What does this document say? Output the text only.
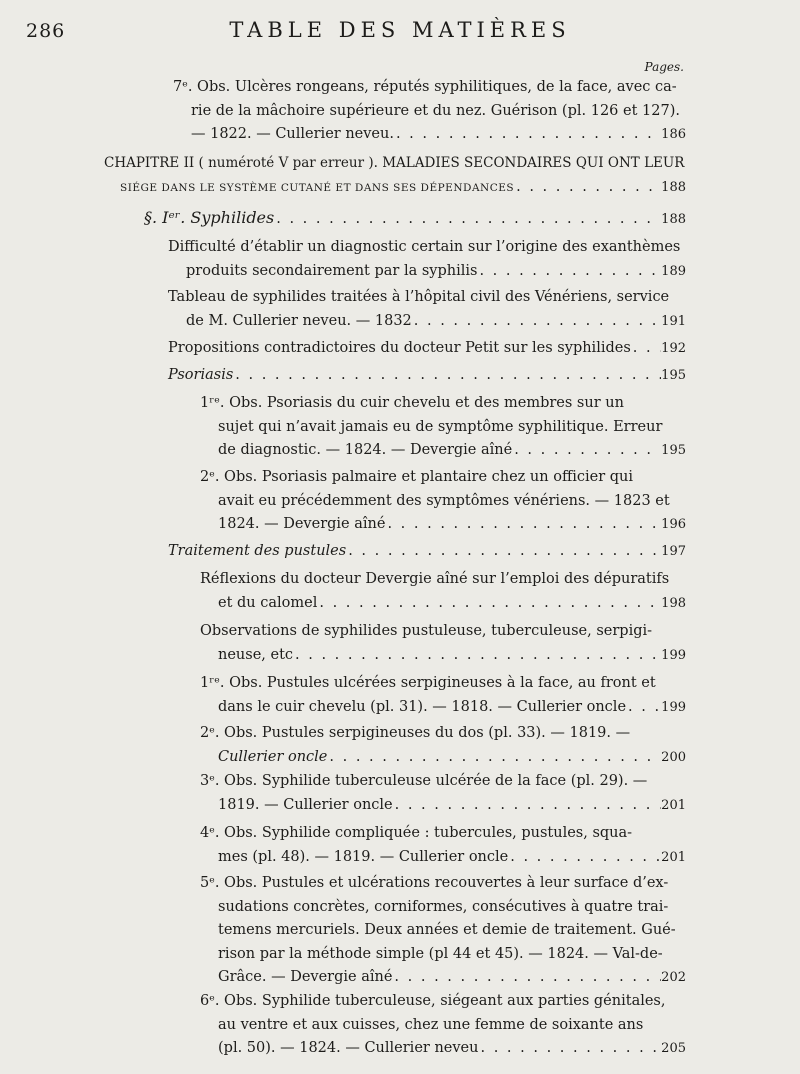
286	TABLE DES MATIÈRES
Pages.
7ᵉ. Obs. Ulcères rongeans, réputés syphilitiques, de la face, avec ca-
rie de la mâchoire supérieure et du nez. Guérison (pl. 126 et 127).
— 1822. — Cullerier neveu. . . .	186
CHAPITRE II ( numéroté V par erreur ). MALADIES SECONDAIRES QUI ONT LEUR
SIÉGE DANS LE SYSTÈME CUTANÉ ET DANS SES DÉPENDANCES . . .	188
§. Iᵉʳ. Syphilides . . .	188
Difficulté d’établir un diagnostic certain sur l’origine des exanthèmes
produits secondairement par la syphilis . . .	189
Tableau de syphilides traitées à l’hôpital civil des Vénériens, service
de M. Cullerier neveu. — 1832 . . .	191
Propositions contradictoires du docteur Petit sur les syphilides . . . 192
Psoriasis . . .	195
1ʳᵉ. Obs. Psoriasis du cuir chevelu et des membres sur un
sujet qui n’avait jamais eu de symptôme syphilitique. Erreur
de diagnostic. — 1824. — Devergie aîné . . .	195
2ᵉ. Obs. Psoriasis palmaire et plantaire chez un officier qui
avait eu précédemment des symptômes vénériens. — 1823 et
1824. — Devergie aîné . . .	196
Traitement des pustules . . .	197
Réflexions du docteur Devergie aîné sur l’emploi des dépuratifs
et du calomel . . .	198
Observations de syphilides pustuleuse, tuberculeuse, serpigi-
neuse, etc . . .	199
1ʳᵉ. Obs. Pustules ulcérées serpigineuses à la face, au front et
dans le cuir chevelu (pl. 31). — 1818. — Cullerier oncle . . .	199
2ᵉ. Obs. Pustules serpigineuses du dos (pl. 33). — 1819. —
Cullerier oncle . . .	200
3ᵉ. Obs. Syphilide tuberculeuse ulcérée de la face (pl. 29). —
1819. — Cullerier oncle . . .	201
4ᵉ. Obs. Syphilide compliquée : tubercules, pustules, squa-
mes (pl. 48). — 1819. — Cullerier oncle . . .	201
5ᵉ. Obs. Pustules et ulcérations recouvertes à leur surface d’ex-
sudations concrètes, corniformes, consécutives à quatre trai-
temens mercuriels. Deux années et demie de traitement. Gué-
rison par la méthode simple (pl 44 et 45). — 1824. — Val-de-
Grâce. — Devergie aîné . . .	202
6ᵉ. Obs. Syphilide tuberculeuse, siégeant aux parties génitales,
au ventre et aux cuisses, chez une femme de soixante ans
(pl. 50). — 1824. — Cullerier neveu . . .	205
